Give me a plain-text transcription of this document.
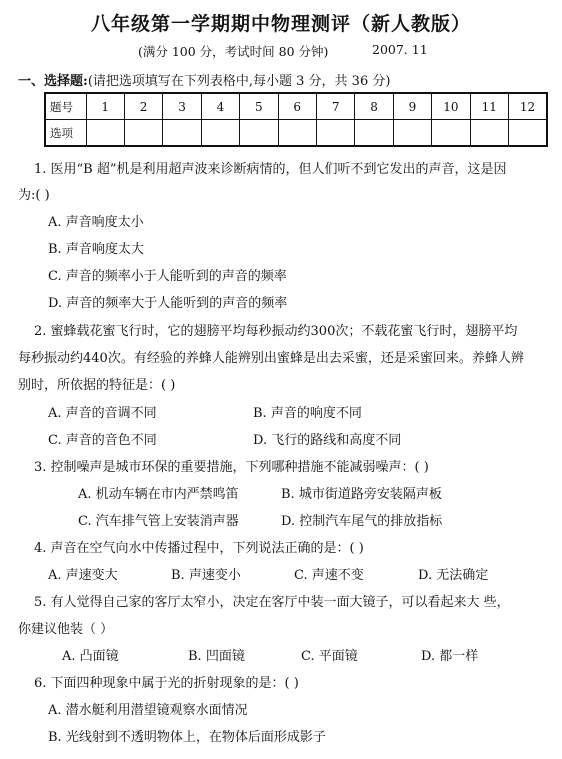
八年级第一学期期中物理测评（新人教版）
(满分 100 分，考试时间 80 分钟)	2007. 11
一、选择题:(请把选项填写在下列表格中,每小题 3 分，共 36 分)
题号	1	2	3	4	5	6	7	8	9	10	11	12
选项												
1. 医用“B 超”机是利用超声波来诊断病情的，但人们听不到它发出的声音，这是因
为:( )
A. 声音响度太小
B. 声音响度太大
C. 声音的频率小于人能听到的声音的频率
D. 声音的频率大于人能听到的声音的频率
2. 蜜蜂载花蜜飞行时，它的翅膀平均每秒振动约300次；不载花蜜飞行时，翅膀平均
每秒振动约440次。有经验的养蜂人能辨别出蜜蜂是出去采蜜，还是采蜜回来。养蜂人辨
别时，所依据的特征是：( )
A. 声音的音调不同	B. 声音的响度不同
C. 声音的音色不同	D. 飞行的路线和高度不同
3. 控制噪声是城市环保的重要措施，下列哪种措施不能减弱噪声：( )
A. 机动车辆在市内严禁鸣笛	B. 城市街道路旁安装隔声板
C. 汽车排气管上安装消声器	D. 控制汽车尾气的排放指标
4. 声音在空气向水中传播过程中，下列说法正确的是：( )
A. 声速变大	B. 声速变小	C. 声速不变	D. 无法确定
5. 有人觉得自己家的客厅太窄小，决定在客厅中装一面大镜子，可以看起来大 些，
你建议他装（ ）
A. 凸面镜	B. 凹面镜	C. 平面镜	D. 都一样
6. 下面四种现象中属于光的折射现象的是：( )
A. 潜水艇利用潜望镜观察水面情况
B. 光线射到不透明物体上，在物体后面形成影子
